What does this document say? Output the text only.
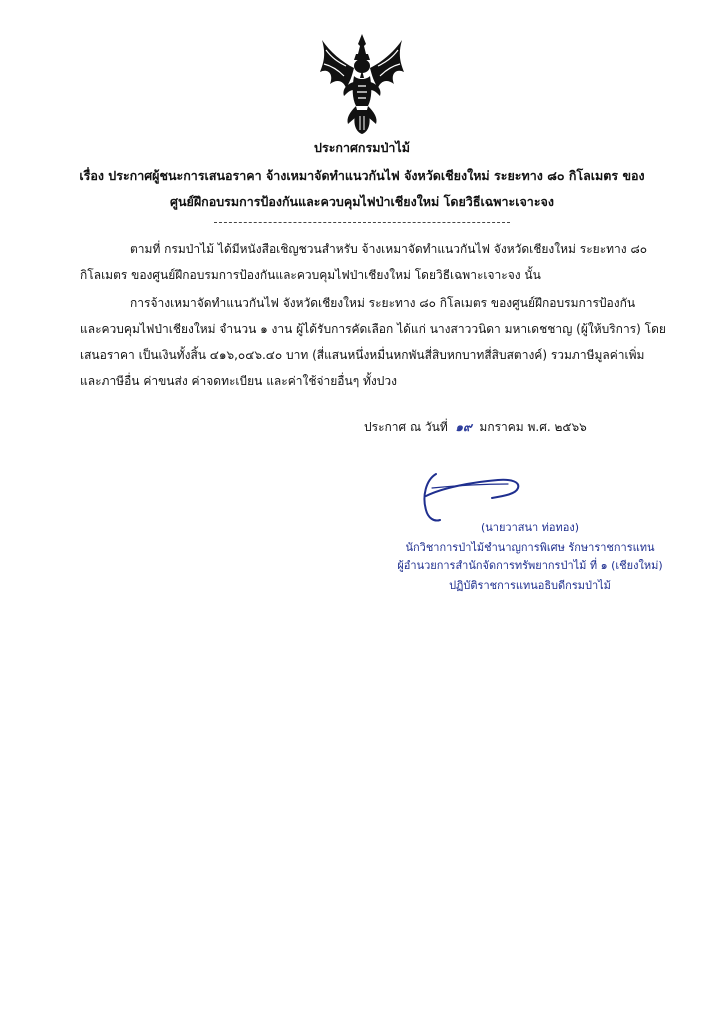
ประกาศกรมป่าไม้
เรื่อง ประกาศผู้ชนะการเสนอราคา จ้างเหมาจัดทำแนวกันไฟ จังหวัดเชียงใหม่ ระยะทาง ๘๐ กิโลเมตร ของ
ศูนย์ฝึกอบรมการป้องกันและควบคุมไฟป่าเชียงใหม่ โดยวิธีเฉพาะเจาะจง
ตามที่ กรมป่าไม้ ได้มีหนังสือเชิญชวนสำหรับ จ้างเหมาจัดทำแนวกันไฟ จังหวัดเชียงใหม่ ระยะทาง ๘๐
กิโลเมตร ของศูนย์ฝึกอบรมการป้องกันและควบคุมไฟป่าเชียงใหม่ โดยวิธีเฉพาะเจาะจง นั้น
การจ้างเหมาจัดทำแนวกันไฟ จังหวัดเชียงใหม่ ระยะทาง ๘๐ กิโลเมตร ของศูนย์ฝึกอบรมการป้องกัน
และควบคุมไฟป่าเชียงใหม่ จำนวน ๑ งาน ผู้ได้รับการคัดเลือก ได้แก่ นางสาววนิดา มหาเดชชาญ (ผู้ให้บริการ) โดย
เสนอราคา เป็นเงินทั้งสิ้น ๔๑๖,๐๔๖.๔๐ บาท (สี่แสนหนึ่งหมื่นหกพันสี่สิบหกบาทสี่สิบสตางค์) รวมภาษีมูลค่าเพิ่ม
และภาษีอื่น ค่าขนส่ง ค่าจดทะเบียน และค่าใช้จ่ายอื่นๆ ทั้งปวง
ประกาศ ณ วันที่ ๑๙ มกราคม พ.ศ. ๒๕๖๖
(นายวาสนา ท่อทอง)
นักวิชาการป่าไม้ชำนาญการพิเศษ รักษาราชการแทน
ผู้อำนวยการสำนักจัดการทรัพยากรป่าไม้ ที่ ๑ (เชียงใหม่)
ปฏิบัติราชการแทนอธิบดีกรมป่าไม้
